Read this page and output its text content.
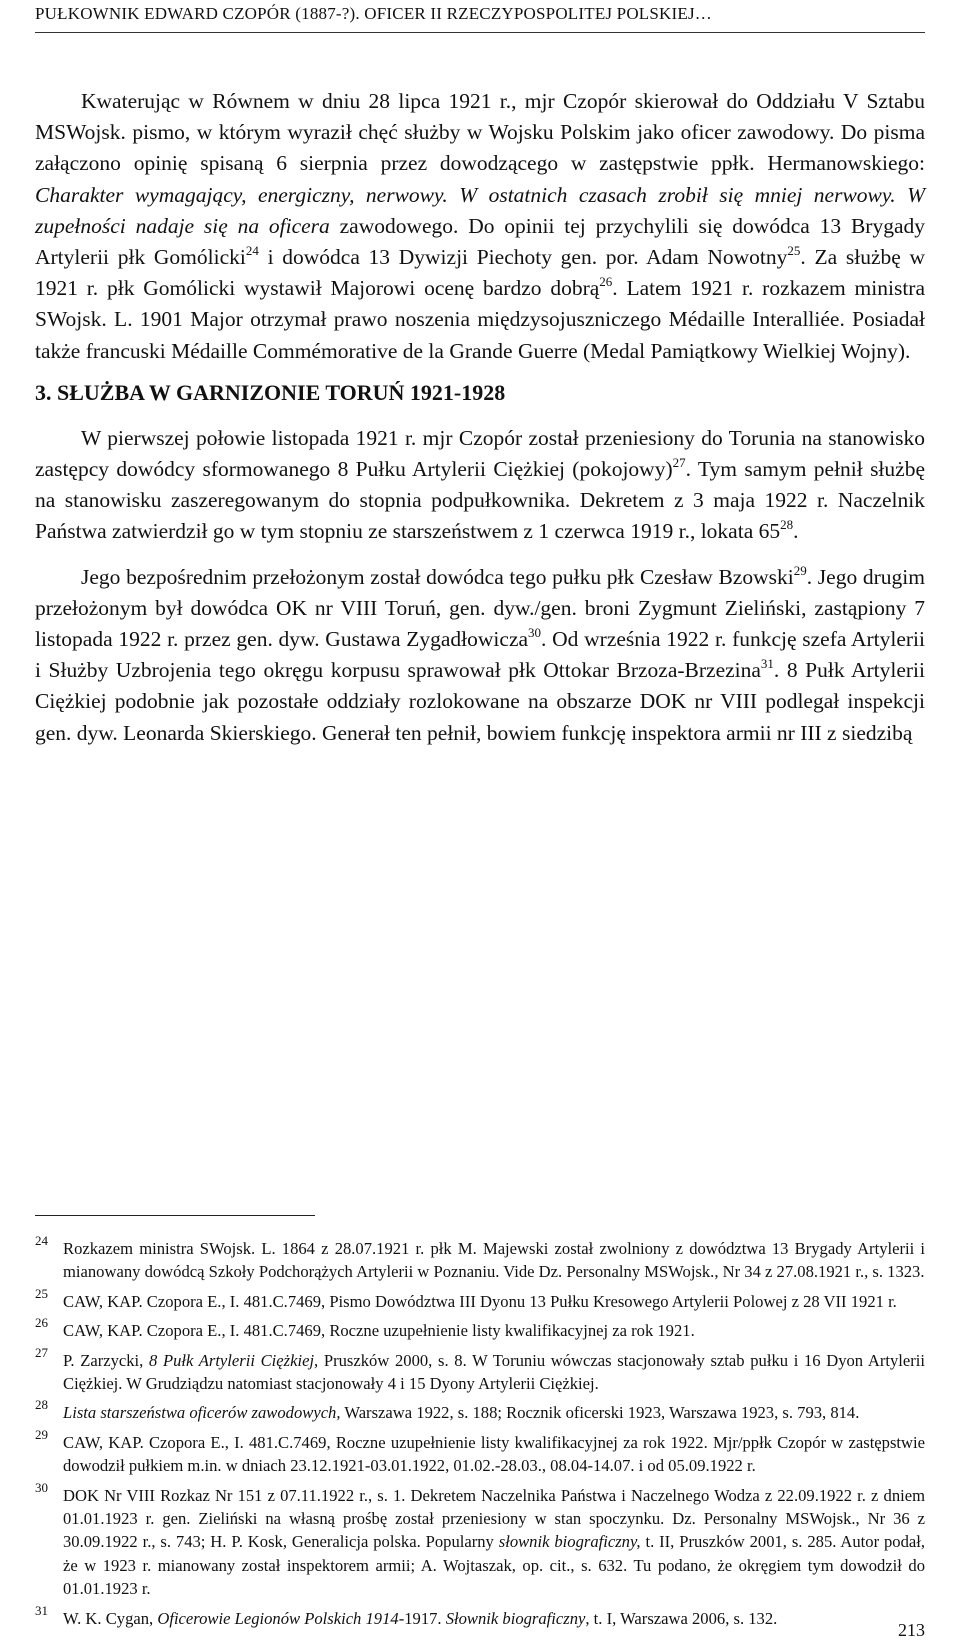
PUŁKOWNIK EDWARD CZOPÓR (1887-?). OFICER II RZECZYPOSPOLITEJ POLSKIEJ…

Kwaterując w Równem w dniu 28 lipca 1921 r., mjr Czopór skierował do Oddziału V Sztabu MSWojsk. pismo, w którym wyraził chęć służby w Wojsku Polskim jako oficer zawodowy. Do pisma załączono opinię spisaną 6 sierpnia przez dowodzącego w zastępstwie ppłk. Hermanowskiego: Charakter wymagający, energiczny, nerwowy. W ostatnich czasach zrobił się mniej nerwowy. W zupełności nadaje się na oficera zawodowego. Do opinii tej przychylili się dowódca 13 Brygady Artylerii płk Gomólicki$^{24}$ i dowódca 13 Dywizji Piechoty gen. por. Adam Nowotny$^{25}$. Za służbę w 1921 r. płk Gomólicki wystawił Majorowi ocenę bardzo dobrą$^{26}$. Latem 1921 r. rozkazem ministra SWojsk. L. 1901 Major otrzymał prawo noszenia międzysojuszniczego Médaille Interalliée. Posiadał także francuski Médaille Commémorative de la Grande Guerre (Medal Pamiątkowy Wielkiej Wojny).

3. SŁUŻBA W GARNIZONIE TORUŃ 1921-1928

W pierwszej połowie listopada 1921 r. mjr Czopór został przeniesiony do Torunia na stanowisko zastępcy dowódcy sformowanego 8 Pułku Artylerii Ciężkiej (pokojowy)$^{27}$. Tym samym pełnił służbę na stanowisku zaszeregowanym do stopnia podpułkownika. Dekretem z 3 maja 1922 r. Naczelnik Państwa zatwierdził go w tym stopniu ze starszeństwem z 1 czerwca 1919 r., lokata $65^{28}$.

Jego bezpośrednim przełożonym został dowódca tego pułku płk Czesław Bzowski$^{29}$. Jego drugim przełożonym był dowódca OK nr VIII Toruń, gen. dyw./gen. broni Zygmunt Zieliński, zastąpiony 7 listopada 1922 r. przez gen. dyw. Gustawa Zygadłowicza$^{30}$. Od września 1922 r. funkcję szefa Artylerii i Służby Uzbrojenia tego okręgu korpusu sprawował płk Ottokar Brzoza-Brzezina$^{31}$. 8 Pułk Artylerii Ciężkiej podobnie jak pozostałe oddziały rozlokowane na obszarze DOK nr VIII podlegał inspekcji gen. dyw. Leonarda Skierskiego. Generał ten pełnił, bowiem funkcję inspektora armii nr III z siedzibą

24 Rozkazem ministra SWojsk. L. 1864 z 28.07.1921 r. płk M. Majewski został zwolniony z dowództwa 13 Brygady Artylerii i mianowany dowódcą Szkoły Podchorążych Artylerii w Poznaniu. Vide Dz. Personalny MSWojsk., Nr 34 z 27.08.1921 r., s. 1323.
25 CAW, KAP. Czopora E., I. 481.C.7469, Pismo Dowództwa III Dyonu 13 Pułku Kresowego Artylerii Polowej z 28 VII 1921 r.
26 CAW, KAP. Czopora E., I. 481.C.7469, Roczne uzupełnienie listy kwalifikacyjnej za rok 1921.
27 P. Zarzycki, 8 Pułk Artylerii Ciężkiej, Pruszków 2000, s. 8. W Toruniu wówczas stacjonowały sztab pułku i 16 Dyon Artylerii Ciężkiej. W Grudziądzu natomiast stacjonowały 4 i 15 Dyony Artylerii Ciężkiej.
28 Lista starszeństwa oficerów zawodowych, Warszawa 1922, s. 188; Rocznik oficerski 1923, Warszawa 1923, s. 793, 814.
29 CAW, KAP. Czopora E., I. 481.C.7469, Roczne uzupełnienie listy kwalifikacyjnej za rok 1922. Mjr/ppłk Czopór w zastępstwie dowodził pułkiem m.in. w dniach 23.12.1921-03.01.1922, 01.02.-28.03., 08.04-14.07. i od 05.09.1922 r.
30 DOK Nr VIII Rozkaz Nr 151 z 07.11.1922 r., s. 1. Dekretem Naczelnika Państwa i Naczelnego Wodza z 22.09.1922 r. z dniem 01.01.1923 r. gen. Zieliński na własną prośbę został przeniesiony w stan spoczynku. Dz. Personalny MSWojsk., Nr 36 z 30.09.1922 r., s. 743; H. P. Kosk, Generalicja polska. Popularny słownik biograficzny, t. II, Pruszków 2001, s. 285. Autor podał, że w 1923 r. mianowany został inspektorem armii; A. Wojtaszak, op. cit., s. 632. Tu podano, że okręgiem tym dowodził do 01.01.1923 r.
31 W. K. Cygan, Oficerowie Legionów Polskich 1914-1917. Słownik biograficzny, t. I, Warszawa 2006, s. 132.
213
